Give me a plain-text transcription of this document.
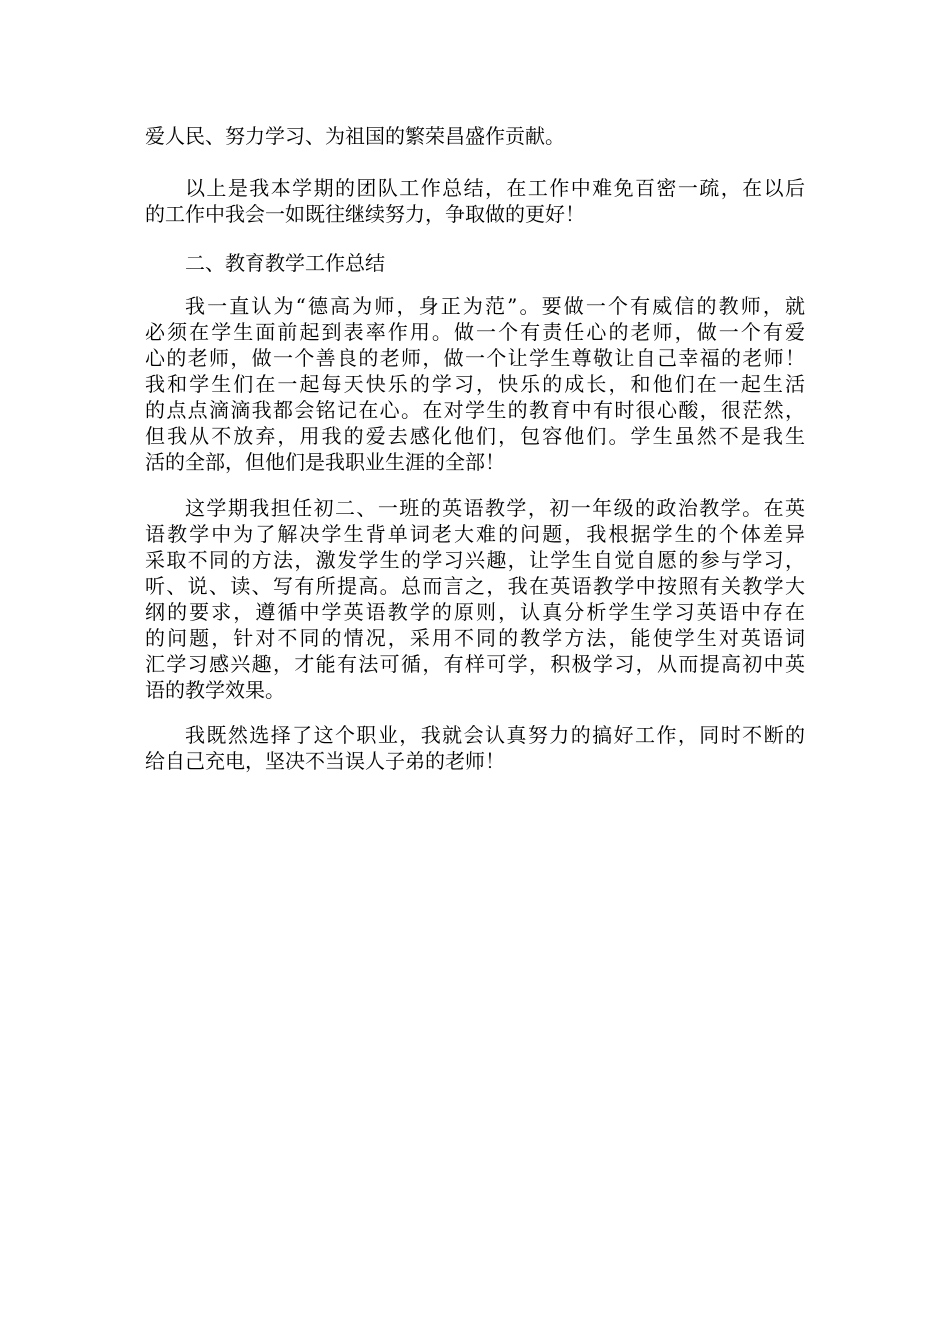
爱人民、努力学习、为祖国的繁荣昌盛作贡献。
以上是我本学期的团队工作总结，在工作中难免百密一疏，在以后
的工作中我会一如既往继续努力，争取做的更好！
二、教育教学工作总结
我一直认为“德高为师，身正为范”。要做一个有威信的教师，就
必须在学生面前起到表率作用。做一个有责任心的老师，做一个有爱
心的老师，做一个善良的老师，做一个让学生尊敬让自己幸福的老师！
我和学生们在一起每天快乐的学习，快乐的成长，和他们在一起生活
的点点滴滴我都会铭记在心。在对学生的教育中有时很心酸，很茫然，
但我从不放弃，用我的爱去感化他们，包容他们。学生虽然不是我生
活的全部，但他们是我职业生涯的全部！
这学期我担任初二、一班的英语教学，初一年级的政治教学。在英
语教学中为了解决学生背单词老大难的问题，我根据学生的个体差异
采取不同的方法，激发学生的学习兴趣，让学生自觉自愿的参与学习，
听、说、读、写有所提高。总而言之，我在英语教学中按照有关教学大
纲的要求，遵循中学英语教学的原则，认真分析学生学习英语中存在
的问题，针对不同的情况，采用不同的教学方法，能使学生对英语词
汇学习感兴趣，才能有法可循，有样可学，积极学习，从而提高初中英
语的教学效果。
我既然选择了这个职业，我就会认真努力的搞好工作，同时不断的
给自己充电，坚决不当误人子弟的老师！
